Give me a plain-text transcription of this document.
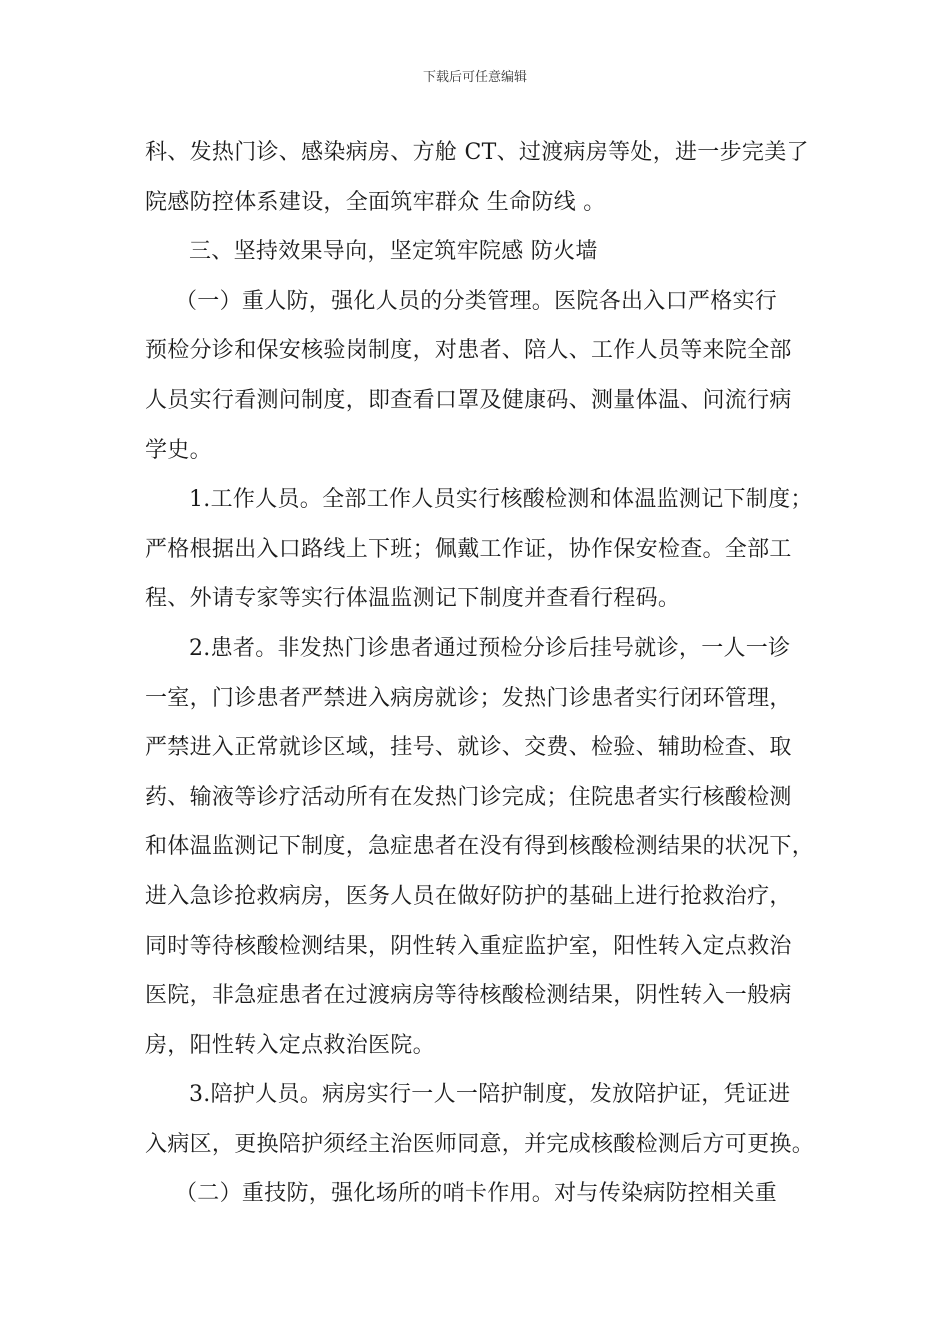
下载后可任意编辑
科、发热门诊、感染病房、方舱 CT、过渡病房等处，进一步完美了
院感防控体系建设，全面筑牢群众 生命防线 。
三、坚持效果导向，坚定筑牢院感 防火墙
（一）重人防，强化人员的分类管理。医院各出入口严格实行
预检分诊和保安核验岗制度，对患者、陪人、工作人员等来院全部
人员实行看测问制度，即查看口罩及健康码、测量体温、问流行病
学史。
1.工作人员。全部工作人员实行核酸检测和体温监测记下制度；
严格根据出入口路线上下班；佩戴工作证，协作保安检查。全部工
程、外请专家等实行体温监测记下制度并查看行程码。
2.患者。非发热门诊患者通过预检分诊后挂号就诊，一人一诊
一室，门诊患者严禁进入病房就诊；发热门诊患者实行闭环管理，
严禁进入正常就诊区域，挂号、就诊、交费、检验、辅助检查、取
药、输液等诊疗活动所有在发热门诊完成；住院患者实行核酸检测
和体温监测记下制度，急症患者在没有得到核酸检测结果的状况下，
进入急诊抢救病房，医务人员在做好防护的基础上进行抢救治疗，
同时等待核酸检测结果，阴性转入重症监护室，阳性转入定点救治
医院，非急症患者在过渡病房等待核酸检测结果，阴性转入一般病
房，阳性转入定点救治医院。
3.陪护人员。病房实行一人一陪护制度，发放陪护证，凭证进
入病区，更换陪护须经主治医师同意，并完成核酸检测后方可更换。
（二）重技防，强化场所的哨卡作用。对与传染病防控相关重
